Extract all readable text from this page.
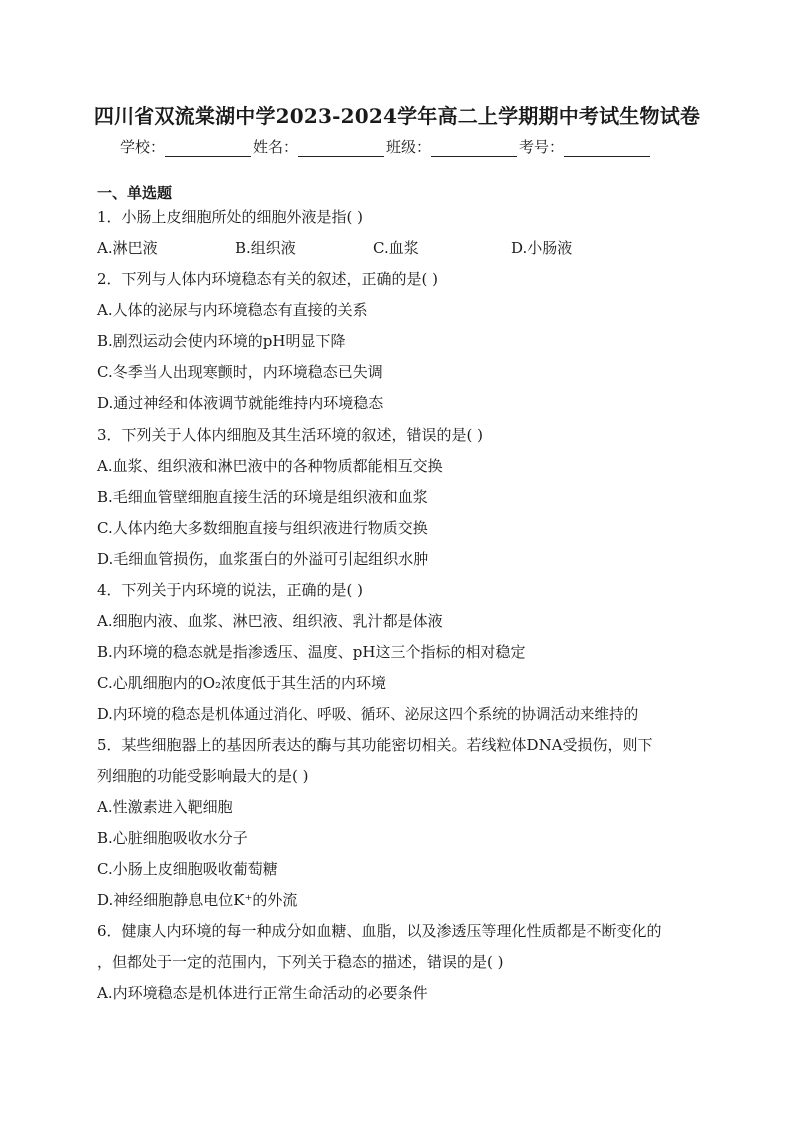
四川省双流棠湖中学2023-2024学年高二上学期期中考试生物试卷
学校：	姓名：	班级：	考号：
一、单选题
1．小肠上皮细胞所处的细胞外液是指( )
A.淋巴液	B.组织液	C.血浆	D.小肠液
2．下列与人体内环境稳态有关的叙述，正确的是( )
A.人体的泌尿与内环境稳态有直接的关系
B.剧烈运动会使内环境的pH明显下降
C.冬季当人出现寒颤时，内环境稳态已失调
D.通过神经和体液调节就能维持内环境稳态
3．下列关于人体内细胞及其生活环境的叙述，错误的是( )
A.血浆、组织液和淋巴液中的各种物质都能相互交换
B.毛细血管壁细胞直接生活的环境是组织液和血浆
C.人体内绝大多数细胞直接与组织液进行物质交换
D.毛细血管损伤，血浆蛋白的外溢可引起组织水肿
4．下列关于内环境的说法，正确的是( )
A.细胞内液、血浆、淋巴液、组织液、乳汁都是体液
B.内环境的稳态就是指渗透压、温度、pH这三个指标的相对稳定
C.心肌细胞内的O₂浓度低于其生活的内环境
D.内环境的稳态是机体通过消化、呼吸、循环、泌尿这四个系统的协调活动来维持的
5．某些细胞器上的基因所表达的酶与其功能密切相关。若线粒体DNA受损伤，则下
列细胞的功能受影响最大的是( )
A.性激素进入靶细胞
B.心脏细胞吸收水分子
C.小肠上皮细胞吸收葡萄糖
D.神经细胞静息电位K⁺的外流
6．健康人内环境的每一种成分如血糖、血脂，以及渗透压等理化性质都是不断变化的
，但都处于一定的范围内，下列关于稳态的描述，错误的是( )
A.内环境稳态是机体进行正常生命活动的必要条件
